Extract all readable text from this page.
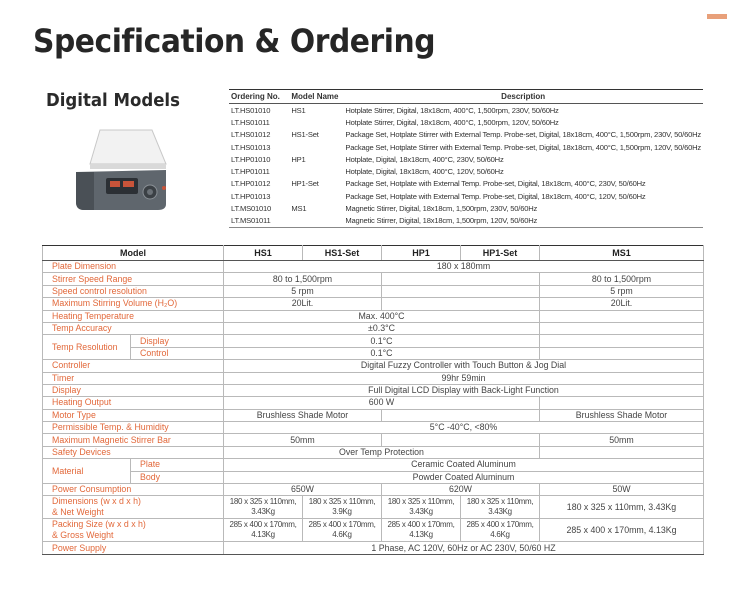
Specification & Ordering
Digital Models	Ordering No.	Model Name	Description
LT.HS01010	HS1	Hotplate Stirrer, Digital, 18x18cm, 400°C, 1,500rpm, 230V, 50/60Hz
LT.HS01011		Hotplate Stirrer, Digital, 18x18cm, 400°C, 1,500rpm, 120V, 50/60Hz
LT.HS01012	HS1-Set	Package Set, Hotplate Stirrer with External Temp. Probe-set, Digital, 18x18cm, 400°C, 1,500rpm, 230V, 50/60Hz
LT.HS01013		Package Set, Hotplate Stirrer with External Temp. Probe-set, Digital, 18x18cm, 400°C, 1,500rpm, 120V, 50/60Hz
LT.HP01010	HP1	Hotplate, Digital, 18x18cm, 400°C, 230V, 50/60Hz
LT.HP01011		Hotplate, Digital, 18x18cm, 400°C, 120V, 50/60Hz
LT.HP01012	HP1-Set	Package Set, Hotplate with External Temp. Probe-set, Digital, 18x18cm, 400°C, 230V, 50/60Hz
LT.HP01013		Package Set, Hotplate with External Temp. Probe-set, Digital, 18x18cm, 400°C, 120V, 50/60Hz
LT.MS01010	MS1	Magnetic Stirrer, Digital, 18x18cm, 1,500rpm, 230V, 50/60Hz
LT.MS01011		Magnetic Stirrer, Digital, 18x18cm, 1,500rpm, 120V, 50/60Hz
Model		HS1	HS1-Set	HP1	HP1-Set	MS1
Plate Dimension		180 x 180mm				
Stirrer Speed Range		80 to 1,500rpm				80 to 1,500rpm
Speed control resolution		5 rpm				5 rpm
Maximum Stirring Volume (H₂O)		20Lit.				20Lit.
Heating Temperature		Max. 400°C				
Temp Accuracy		±0.3°C				
Temp Resolution	Display	0.1°C				
	Control	0.1°C				
Controller		Digital Fuzzy Controller with Touch Button & Jog Dial				
Timer		99hr 59min				
Display		Full Digital LCD Display with Back-Light Function				
Heating Output		600 W				
Motor Type		Brushless Shade Motor				Brushless Shade Motor
Permissible Temp. & Humidity		5°C -40°C, <80%				
Maximum Magnetic Stirrer Bar		50mm				50mm
Safety Devices		Over Temp Protection				
Material	Plate	Ceramic Coated Aluminum				
	Body	Powder Coated Aluminum				
Power Consumption		650W		620W		50W
Dimensions (w x d x h)
& Net Weight		180 x 325 x 110mm, 3.43Kg	180 x 325 x 110mm, 3.9Kg	180 x 325 x 110mm, 3.43Kg	180 x 325 x 110mm, 3.43Kg	180 x 325 x 110mm, 3.43Kg
Packing Size (w x d x h)
& Gross Weight		285 x 400 x 170mm, 4.13Kg	285 x 400 x 170mm, 4.6Kg	285 x 400 x 170mm, 4.13Kg	285 x 400 x 170mm, 4.6Kg	285 x 400 x 170mm, 4.13Kg
Power Supply		1 Phase, AC 120V, 60Hz or AC 230V, 50/60 HZ				
